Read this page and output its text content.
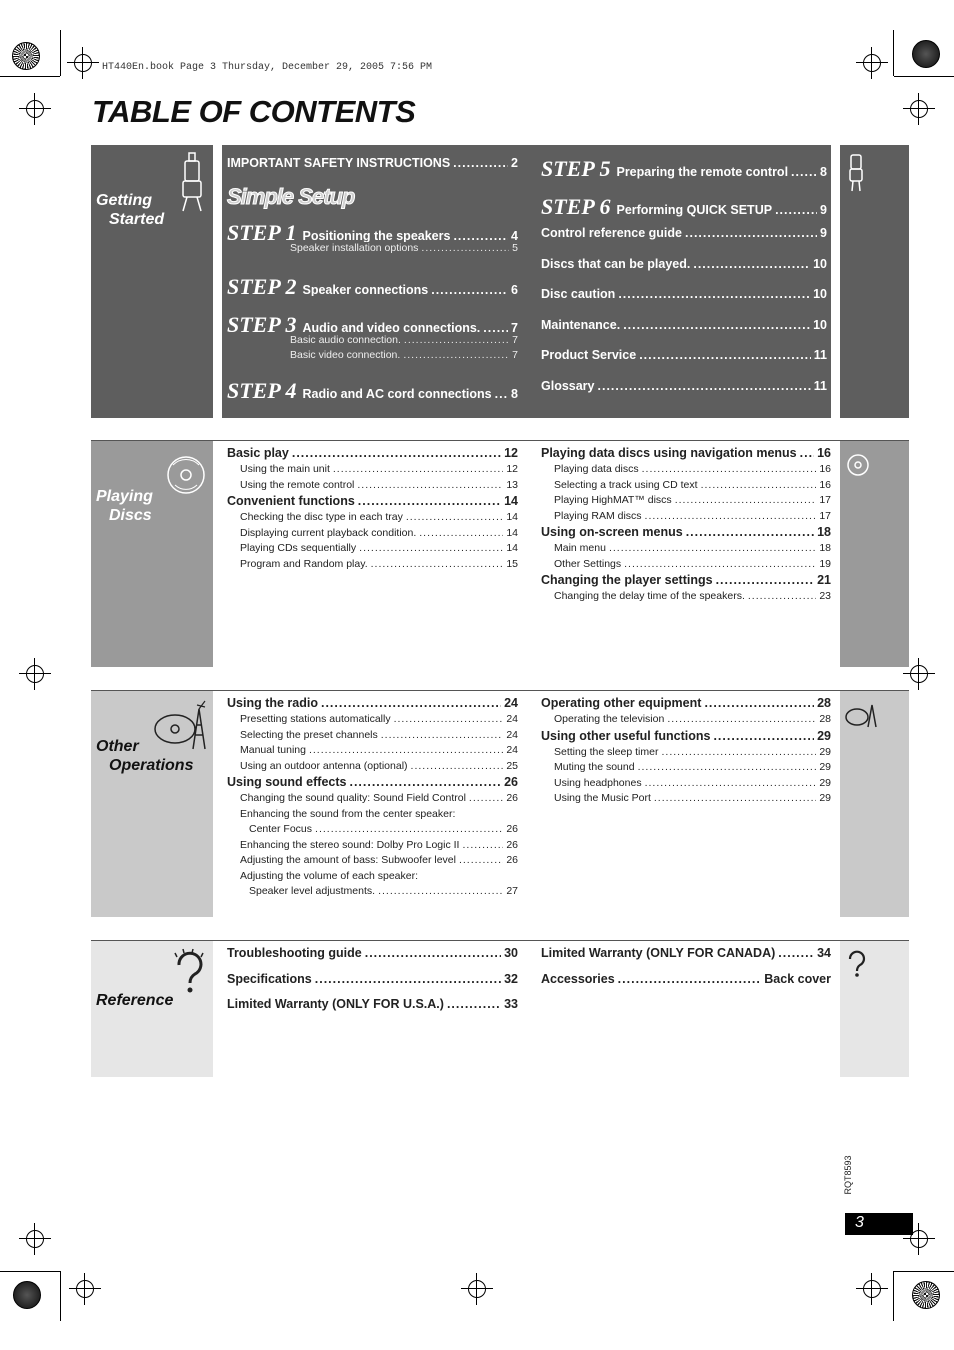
HT440En.book Page 3 Thursday, December 29, 2005 7:56 PM
TABLE OF CONTENTS
Getting
Started
IMPORTANT SAFETY INSTRUCTIONS .....	2
Simple Setup
STEP 1 Positioning the speakers .....	4
Speaker installation options .....	5
STEP 2 Speaker connections .....	6
STEP 3 Audio and video connections. ..... 7
Basic audio connection. .....	7
Basic video connection. .....	7
STEP 4 Radio and AC cord connections ..... 8
STEP 5 Preparing the remote control .....	8
STEP 6 Performing QUICK SETUP .....	9
Control reference guide .....	9
Discs that can be played. .....	10
Disc caution .....	10
Maintenance. .....	10
Product Service .....	11
Glossary .....	11
Playing
Discs
Basic play .....	12
Using the main unit .....	12
Using the remote control .....	13
Convenient functions .....	14
Checking the disc type in each tray .....	14
Displaying current playback condition. .....	14
Playing CDs sequentially .....	14
Program and Random play. .....	15
Playing data discs using navigation menus ..... 16
Playing data discs .....	16
Selecting a track using CD text .....	16
Playing HighMAT™ discs .....	17
Playing RAM discs .....	17
Using on-screen menus .....	18
Main menu .....	18
Other Settings .....	19
Changing the player settings .....	21
Changing the delay time of the speakers. .....	23
Other
Operations
Using the radio .....	24
Presetting stations automatically .....	24
Selecting the preset channels .....	24
Manual tuning .....	24
Using an outdoor antenna (optional) .....	25
Using sound effects .....	26
Changing the sound quality: Sound Field Control .....	26
Enhancing the sound from the center speaker:
Center Focus .....	26
Enhancing the stereo sound: Dolby Pro Logic II .....	26
Adjusting the amount of bass: Subwoofer level .....	26
Adjusting the volume of each speaker:
Speaker level adjustments. .....	27
Operating other equipment .....	28
Operating the television .....	28
Using other useful functions .....	29
Setting the sleep timer .....	29
Muting the sound .....	29
Using headphones .....	29
Using the Music Port .....	29
Reference
Troubleshooting guide .....	30
Specifications .....	32
Limited Warranty (ONLY FOR U.S.A.) .....	33
Limited Warranty (ONLY FOR CANADA) .....	34
Accessories .....	Back cover
RQT8593
3
